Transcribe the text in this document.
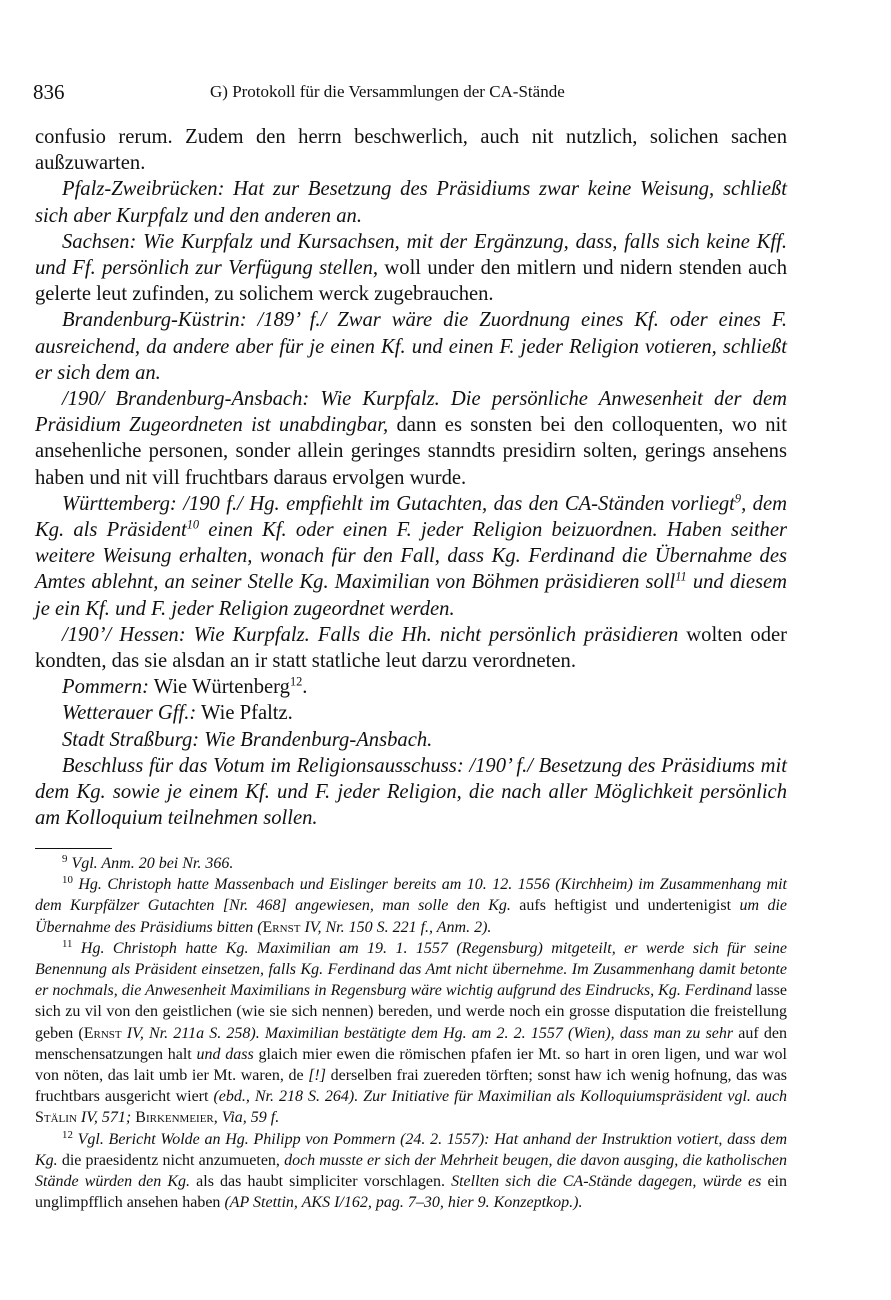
836	G) Protokoll für die Versammlungen der CA-Stände

confusio rerum. Zudem den herrn beschwerlich, auch nit nutzlich, solichen sachen außzuwarten.

Pfalz-Zweibrücken: Hat zur Besetzung des Präsidiums zwar keine Weisung, schließt sich aber Kurpfalz und den anderen an.

Sachsen: Wie Kurpfalz und Kursachsen, mit der Ergänzung, dass, falls sich keine Kff. und Ff. persönlich zur Verfügung stellen, woll under den mitlern und nidern stenden auch gelerte leut zufinden, zu solichem werck zugebrauchen.

Brandenburg-Küstrin: /189’ f./ Zwar wäre die Zuordnung eines Kf. oder eines F. ausreichend, da andere aber für je einen Kf. und einen F. jeder Religion votieren, schließt er sich dem an.

/190/ Brandenburg-Ansbach: Wie Kurpfalz. Die persönliche Anwesenheit der dem Präsidium Zugeordneten ist unabdingbar, dann es sonsten bei den colloquenten, wo nit ansehenliche personen, sonder allein geringes stanndts presidirn solten, gerings ansehens haben und nit vill fruchtbars daraus ervolgen wurde.

Württemberg: /190 f./ Hg. empfiehlt im Gutachten, das den CA-Ständen vorliegt$^9$, dem Kg. als Präsident$^{10}$ einen Kf. oder einen F. jeder Religion beizuordnen. Haben seither weitere Weisung erhalten, wonach für den Fall, dass Kg. Ferdinand die Übernahme des Amtes ablehnt, an seiner Stelle Kg. Maximilian von Böhmen präsidieren soll$^{11}$ und diesem je ein Kf. und F. jeder Religion zugeordnet werden.

/190’/ Hessen: Wie Kurpfalz. Falls die Hh. nicht persönlich präsidieren wolten oder kondten, das sie alsdan an ir statt statliche leut darzu verordneten.

Pommern: Wie Würtenberg$^{12}$.

Wetterauer Gff.: Wie Pfaltz.

Stadt Straßburg: Wie Brandenburg-Ansbach.

Beschluss für das Votum im Religionsausschuss: /190’ f./ Besetzung des Präsidiums mit dem Kg. sowie je einem Kf. und F. jeder Religion, die nach aller Möglichkeit persönlich am Kolloquium teilnehmen sollen.

$^9$ Vgl. Anm. 20 bei Nr. 366.

$^{10}$ Hg. Christoph hatte Massenbach und Eislinger bereits am 10. 12. 1556 (Kirchheim) im Zusammenhang mit dem Kurpfälzer Gutachten [Nr. 468] angewiesen, man solle den Kg. aufs heftigist und undertenigist um die Übernahme des Präsidiums bitten (Ernst IV, Nr. 150 S. 221 f., Anm. 2).

$^{11}$ Hg. Christoph hatte Kg. Maximilian am 19. 1. 1557 (Regensburg) mitgeteilt, er werde sich für seine Benennung als Präsident einsetzen, falls Kg. Ferdinand das Amt nicht übernehme. Im Zusammenhang damit betonte er nochmals, die Anwesenheit Maximilians in Regensburg wäre wichtig aufgrund des Eindrucks, Kg. Ferdinand lasse sich zu vil von den geistlichen (wie sie sich nennen) bereden, und werde noch ein grosse disputation die freistellung geben (Ernst IV, Nr. 211a S. 258). Maximilian bestätigte dem Hg. am 2. 2. 1557 (Wien), dass man zu sehr auf den menschensatzungen halt und dass glaich mier ewen die römischen pfafen ier Mt. so hart in oren ligen, und war wol von nöten, das lait umb ier Mt. waren, de [!] derselben frai zuereden törften; sonst haw ich wenig hofnung, das was fruchtbars ausgericht wiert (ebd., Nr. 218 S. 264). Zur Initiative für Maximilian als Kolloquiumspräsident vgl. auch Stälin IV, 571; Birkenmeier, Via, 59 f.

$^{12}$ Vgl. Bericht Wolde an Hg. Philipp von Pommern (24. 2. 1557): Hat anhand der Instruktion votiert, dass dem Kg. die praesidentz nicht anzumueten, doch musste er sich der Mehrheit beugen, die davon ausging, die katholischen Stände würden den Kg. als das haubt simpliciter vorschlagen. Stellten sich die CA-Stände dagegen, würde es ein unglimpfflich ansehen haben (AP Stettin, AKS I/162, pag. 7–30, hier 9. Konzeptkop.).
